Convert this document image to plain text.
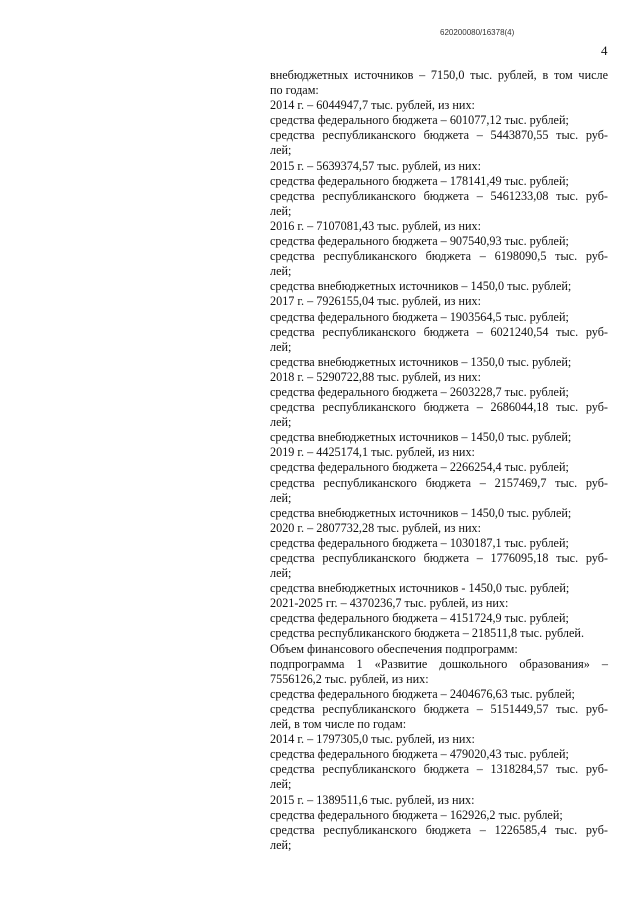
620200080/16378(4)
4
внебюджетных источников – 7150,0 тыс. рублей, в том числе
по годам:
2014 г. – 6044947,7 тыс. рублей, из них:
средства федерального бюджета – 601077,12 тыс. рублей;
средства республиканского бюджета – 5443870,55 тыс. руб-
лей;
2015 г. – 5639374,57 тыс. рублей, из них:
средства федерального бюджета – 178141,49 тыс. рублей;
средства республиканского бюджета – 5461233,08 тыс. руб-
лей;
2016 г. – 7107081,43 тыс. рублей, из них:
средства федерального бюджета – 907540,93 тыс. рублей;
средства республиканского бюджета – 6198090,5 тыс. руб-
лей;
средства внебюджетных источников – 1450,0 тыс. рублей;
2017 г. – 7926155,04 тыс. рублей, из них:
средства федерального бюджета – 1903564,5 тыс. рублей;
средства республиканского бюджета – 6021240,54 тыс. руб-
лей;
средства внебюджетных источников – 1350,0 тыс. рублей;
2018 г. – 5290722,88 тыс. рублей, из них:
средства федерального бюджета – 2603228,7 тыс. рублей;
средства республиканского бюджета – 2686044,18 тыс. руб-
лей;
средства внебюджетных источников – 1450,0 тыс. рублей;
2019 г. – 4425174,1 тыс. рублей, из них:
средства федерального бюджета – 2266254,4 тыс. рублей;
средства республиканского бюджета – 2157469,7 тыс. руб-
лей;
средства внебюджетных источников – 1450,0 тыс. рублей;
2020 г. – 2807732,28 тыс. рублей, из них:
средства федерального бюджета – 1030187,1 тыс. рублей;
средства республиканского бюджета – 1776095,18 тыс. руб-
лей;
средства внебюджетных источников - 1450,0 тыс. рублей;
2021-2025 гг. – 4370236,7 тыс. рублей, из них:
средства федерального бюджета – 4151724,9 тыс. рублей;
средства республиканского бюджета – 218511,8 тыс. рублей.
Объем финансового обеспечения подпрограмм:
подпрограмма 1 «Развитие дошкольного образования» –
7556126,2 тыс. рублей, из них:
средства федерального бюджета – 2404676,63 тыс. рублей;
средства республиканского бюджета – 5151449,57 тыс. руб-
лей, в том числе по годам:
2014 г. – 1797305,0 тыс. рублей, из них:
средства федерального бюджета – 479020,43 тыс. рублей;
средства республиканского бюджета – 1318284,57 тыс. руб-
лей;
2015 г. – 1389511,6 тыс. рублей, из них:
средства федерального бюджета – 162926,2 тыс. рублей;
средства республиканского бюджета – 1226585,4 тыс. руб-
лей;
